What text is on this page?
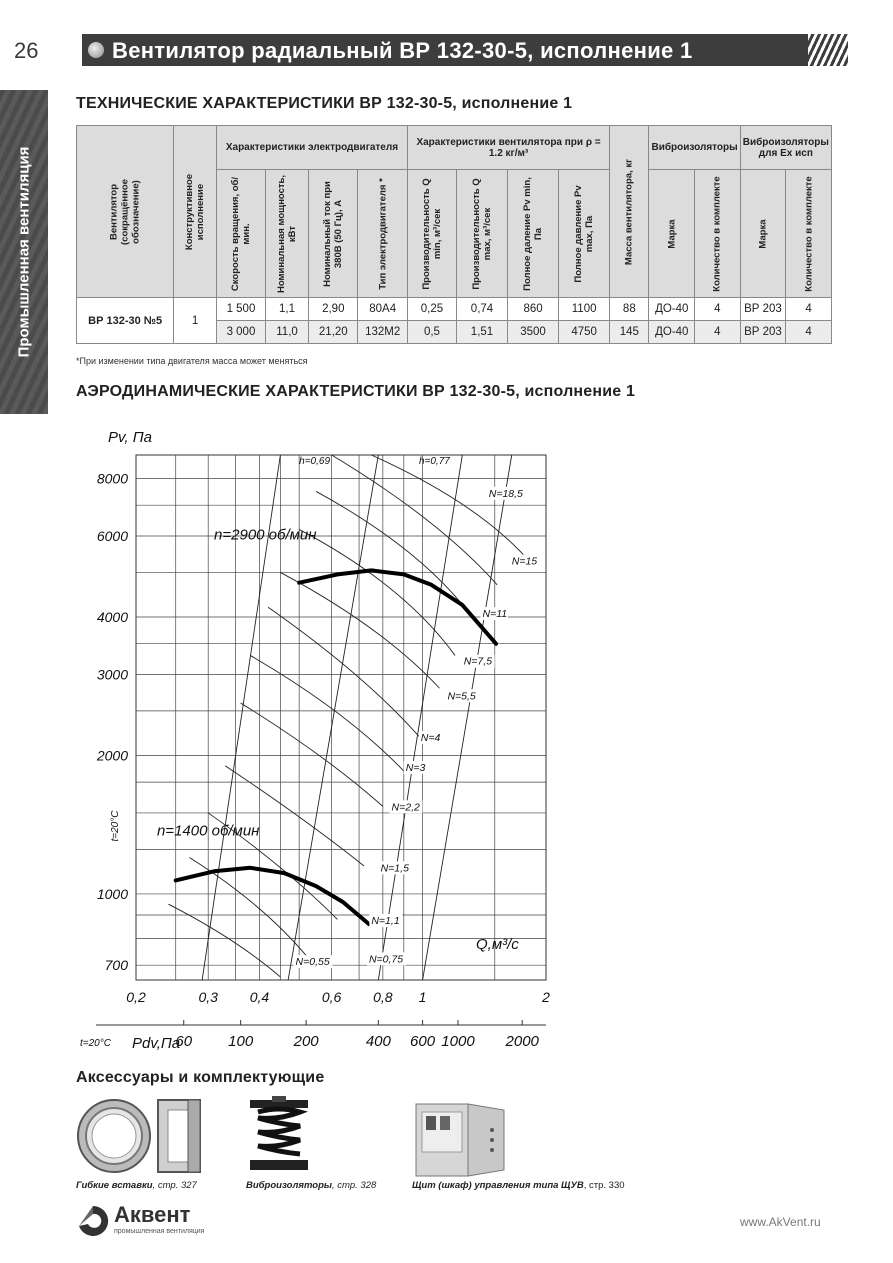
26	Вентилятор радиальный ВР 132-30-5, исполнение 1
Промышленная вентиляция
ТЕХНИЧЕСКИЕ ХАРАКТЕРИСТИКИ ВР 132-30-5, исполнение 1
Вентилятор (сокращённое обозначение)	Конструктивное исполнение	Характеристики электродвигателя				Характеристики вентилятора при ρ = 1.2 кг/м³				Масса вентилятора, кг	Виброизоляторы		Виброизоляторы для Ex исп	

		Скорость вращения, об/мин.	Номинальная мощность, кВт	Номинальный ток при 380В (50 Гц), А	Тип электродвигателя *	Производительность Q min, м³/сек	Производительность Q max, м³/сек	Полное даление Pv min, Па	Полное давление Pv max, Па		Марка	Количество в комплекте	Марка	Количество в комплекте

ВР 132-30 №5	1	1 500	1,1	2,90	80А4	0,25	0,74	860	1100	88	ДО-40	4	ВР 203	4
		3 000	11,0	21,20	132М2	0,5	1,51	3500	4750	145	ДО-40	4	ВР 203	4
*При изменении типа двигателя масса может меняться
АЭРОДИНАМИЧЕСКИЕ ХАРАКТЕРИСТИКИ ВР 132-30-5, исполнение 1
n=2900 об/мин
n=1400 об/мин
8000
6000
4000
3000
2000
1000
700
0,2	0,3 0,4	0,6 0,8 1	2
60 100	200	400 600 1000 2000
t=20°С Pdv,Па
Pv, Па
Q,м³/с
t=20°С
h=0,69	h=0,77
N=18,5
N=15
N=11
N=7,5
N=5,5
N=4
N=3
N=2,2
N=1,5
N=1,1
N=0,75
N=0,55
Аксессуары и комплектующие
Гибкие вставки, стр. 327	Виброизоляторы, стр. 328	Щит (шкаф) управления типа ЩУВ, стр. 330
Аквент
промышленная вентиляция
www.AkVent.ru
